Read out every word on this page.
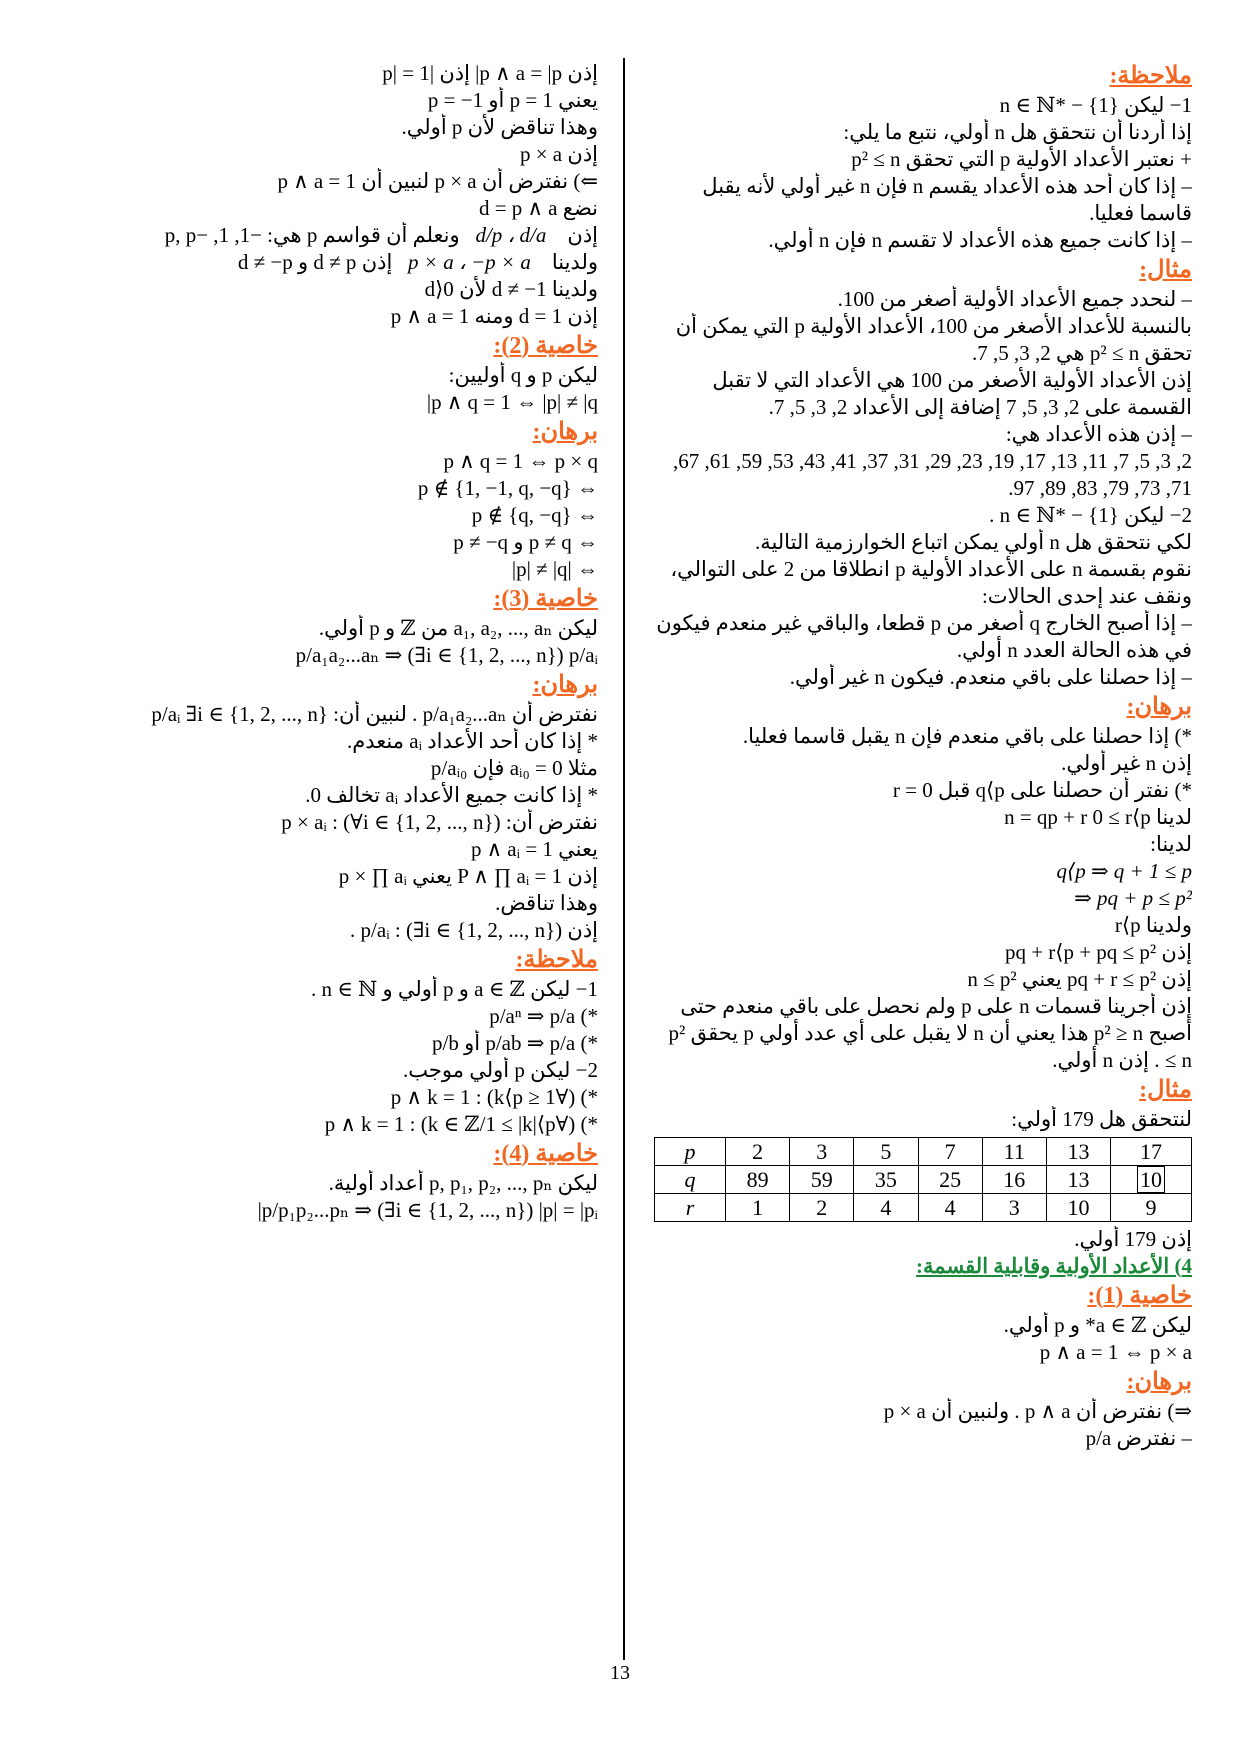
ملاحظة:

1− ليكن n ∈ ℕ* − {1}

إذا أردنا أن نتحقق هل n أولي، نتبع ما يلي:

+ نعتبر الأعداد الأولية p التي تحقق p² ≤ n

– إذا كان أحد هذه الأعداد يقسم n فإن n غير أولي لأنه يقبل قاسما فعليا.

– إذا كانت جميع هذه الأعداد لا تقسم n فإن n أولي.

مثال:

– لنحدد جميع الأعداد الأولية أصغر من 100.

بالنسبة للأعداد الأصغر من 100، الأعداد الأولية p التي يمكن أن تحقق p² ≤ n هي 2, 3, 5, 7.

إذن الأعداد الأولية الأصغر من 100 هي الأعداد التي لا تقبل القسمة على 2, 3, 5, 7 إضافة إلى الأعداد 2, 3, 5, 7.

– إذن هذه الأعداد هي:

2, 3, 5, 7, 11, 13, 17, 19, 23, 29, 31, 37, 41, 43, 53, 59, 61, 67, 71, 73, 79, 83, 89, 97.

2− ليكن n ∈ ℕ* − {1} .

لكي نتحقق هل n أولي يمكن اتباع الخوارزمية التالية.

نقوم بقسمة n على الأعداد الأولية p انطلاقا من 2 على التوالي، ونقف عند إحدى الحالات:

– إذا أصبح الخارج q أصغر من p قطعا، والباقي غير منعدم فيكون في هذه الحالة العدد n أولي.

– إذا حصلنا على باقي منعدم. فيكون n غير أولي.

برهان:

*) إذا حصلنا على باقي منعدم فإن n يقبل قاسما فعليا.

إذن n غير أولي.

*) نفتر أن حصلنا على q⟨p قبل r = 0

لدينا n = qp + r 0 ≤ r⟨p

لدينا:

q⟨p ⇒ q + 1 ≤ p

⇒ pq + p ≤ p²

ولدينا r⟨p

إذن pq + r⟨p + pq ≤ p²

إذن pq + r ≤ p² يعني n ≤ p²

إذن أجرينا قسمات n على p ولم نحصل على باقي منعدم حتى أصبح p² ≥ n هذا يعني أن n لا يقبل على أي عدد أولي p يحقق p² ≤ n . إذن n أولي.

مثال:

لنتحقق هل 179 أولي:

p	2	3	5	7	11	13	17
q	89	59	35	25	16	13	10
r	1	2	4	4	3	10	9

إذن 179 أولي.

4) الأعداد الأولية وقابلية القسمة:

خاصية (1):

ليكن a ∈ ℤ* و p أولي.

p ∧ a = 1 ⇔ p × a

برهان:

⇒) نفترض أن p ∧ a . ولنبين أن p × a

– نفترض p/a

إذن p ∧ a = |p| إذن |p| = 1

يعني p = 1 أو p = −1

وهذا تناقض لأن p أولي.

إذن p × a

⇐) نفترض أن p × a لنبين أن p ∧ a = 1

نضع d = p ∧ a

إذن    d/p ، d/a   ونعلم أن قواسم p هي: −1, 1, −p, p

ولدينا    p × a ، −p × a   إذن d ≠ p و d ≠ −p

ولدينا d ≠ −1 لأن d⟩0

إذن d = 1 ومنه p ∧ a = 1

خاصية (2):

ليكن p و q أوليين:

p ∧ q = 1 ⇔ |p| ≠ |q|

برهان:

p ∧ q = 1 ⇔ p × q

⇔ p ∉ {1, −1, q, −q}

⇔ p ∉ {q, −q}

⇔ p ≠ q و p ≠ −q

⇔ |p| ≠ |q|

خاصية (3):

ليكن a₁, a₂, ..., aₙ من ℤ و p أولي.

p/a₁a₂...aₙ ⇒ (∃i ∈ {1, 2, ..., n}) p/aᵢ

برهان:

نفترض أن p/a₁a₂...aₙ . لنبين أن: p/aᵢ ∃i ∈ {1, 2, ..., n}

* إذا كان أحد الأعداد aᵢ منعدم.

مثلا aᵢ₀ = 0 فإن p/aᵢ₀

* إذا كانت جميع الأعداد aᵢ تخالف 0.

نفترض أن: p × aᵢ : (∀i ∈ {1, 2, ..., n})

يعني p ∧ aᵢ = 1

إذن P ∧ ∏ aᵢ = 1 يعني p × ∏ aᵢ

وهذا تناقض.

إذن p/aᵢ : (∃i ∈ {1, 2, ..., n}) .

ملاحظة:

1− ليكن a ∈ ℤ و p أولي و n ∈ ℕ .

*) p/aⁿ ⇒ p/a

*) p/ab ⇒ p/a أو p/b

2− ليكن p أولي موجب.

*) (∀1 ≤ k⟨p) : p ∧ k = 1

*) (∀k ∈ ℤ/1 ≤ |k|⟨p) : p ∧ k = 1

خاصية (4):

ليكن p, p₁, p₂, ..., pₙ أعداد أولية.

p/p₁p₂...pₙ ⇒ (∃i ∈ {1, 2, ..., n}) |p| = |pᵢ|

13
